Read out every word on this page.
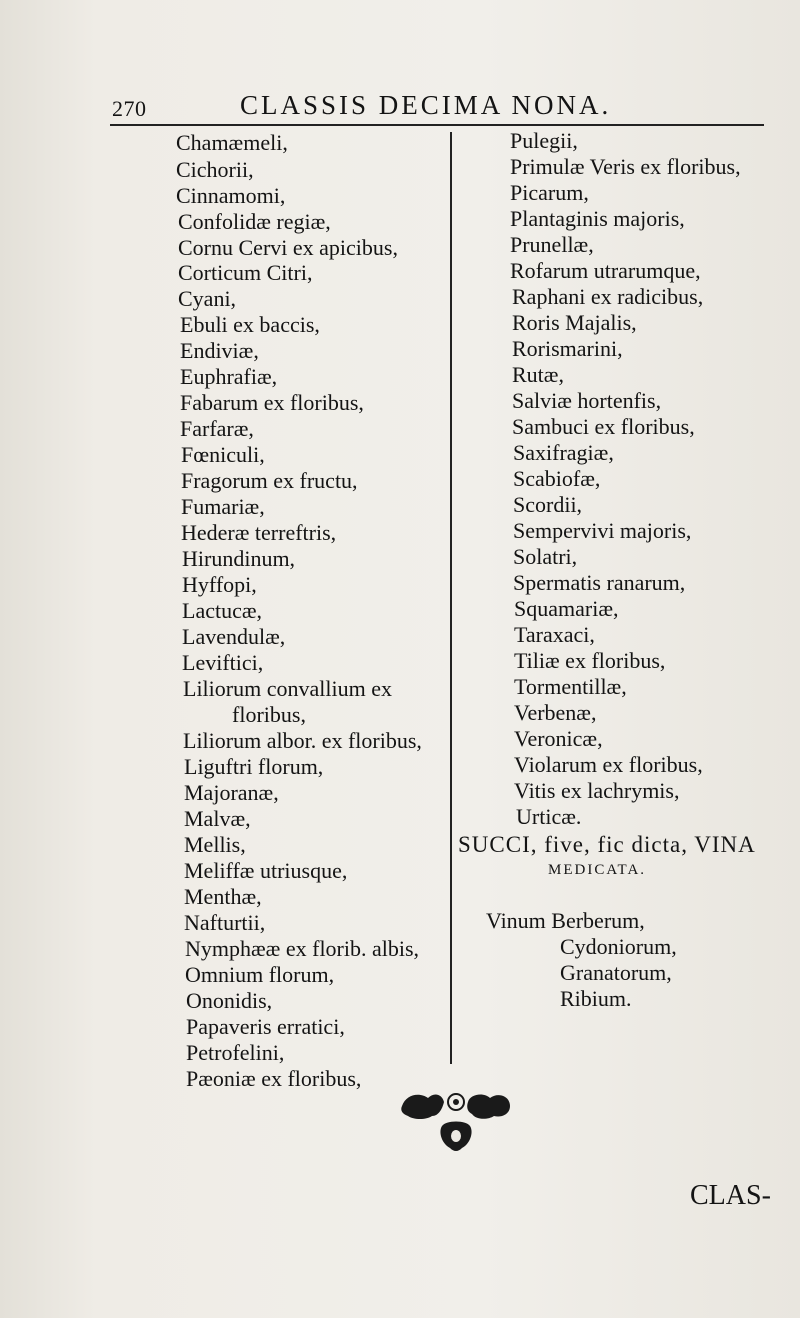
270	CLASSIS DECIMA NONA.
Chamæmeli,
Cichorii,
Cinnamomi,
Confolidæ regiæ,
Cornu Cervi ex apicibus,
Corticum Citri,
Cyani,
Ebuli ex baccis,
Endiviæ,
Euphrafiæ,
Fabarum ex floribus,
Farfaræ,
Fœniculi,
Fragorum ex fructu,
Fumariæ,
Hederæ terreftris,
Hirundinum,
Hyffopi,
Lactucæ,
Lavendulæ,
Leviftici,
Liliorum convallium ex
floribus,
Liliorum albor. ex floribus,
Liguftri florum,
Majoranæ,
Malvæ,
Mellis,
Meliffæ utriusque,
Menthæ,
Nafturtii,
Nymphææ ex florib. albis,
Omnium florum,
Ononidis,
Papaveris erratici,
Petrofelini,
Pæoniæ ex floribus,
Pulegii,
Primulæ Veris ex floribus,
Picarum,
Plantaginis majoris,
Prunellæ,
Rofarum utrarumque,
Raphani ex radicibus,
Roris Majalis,
Rorismarini,
Rutæ,
Salviæ hortenfis,
Sambuci ex floribus,
Saxifragiæ,
Scabiofæ,
Scordii,
Sempervivi majoris,
Solatri,
Spermatis ranarum,
Squamariæ,
Taraxaci,
Tiliæ ex floribus,
Tormentillæ,
Verbenæ,
Veronicæ,
Violarum ex floribus,
Vitis ex lachrymis,
Urticæ.
SUCCI, five, fic dicta, VINA
MEDICATA.
Vinum Berberum,
Cydoniorum,
Granatorum,
Ribium.
CLAS-
